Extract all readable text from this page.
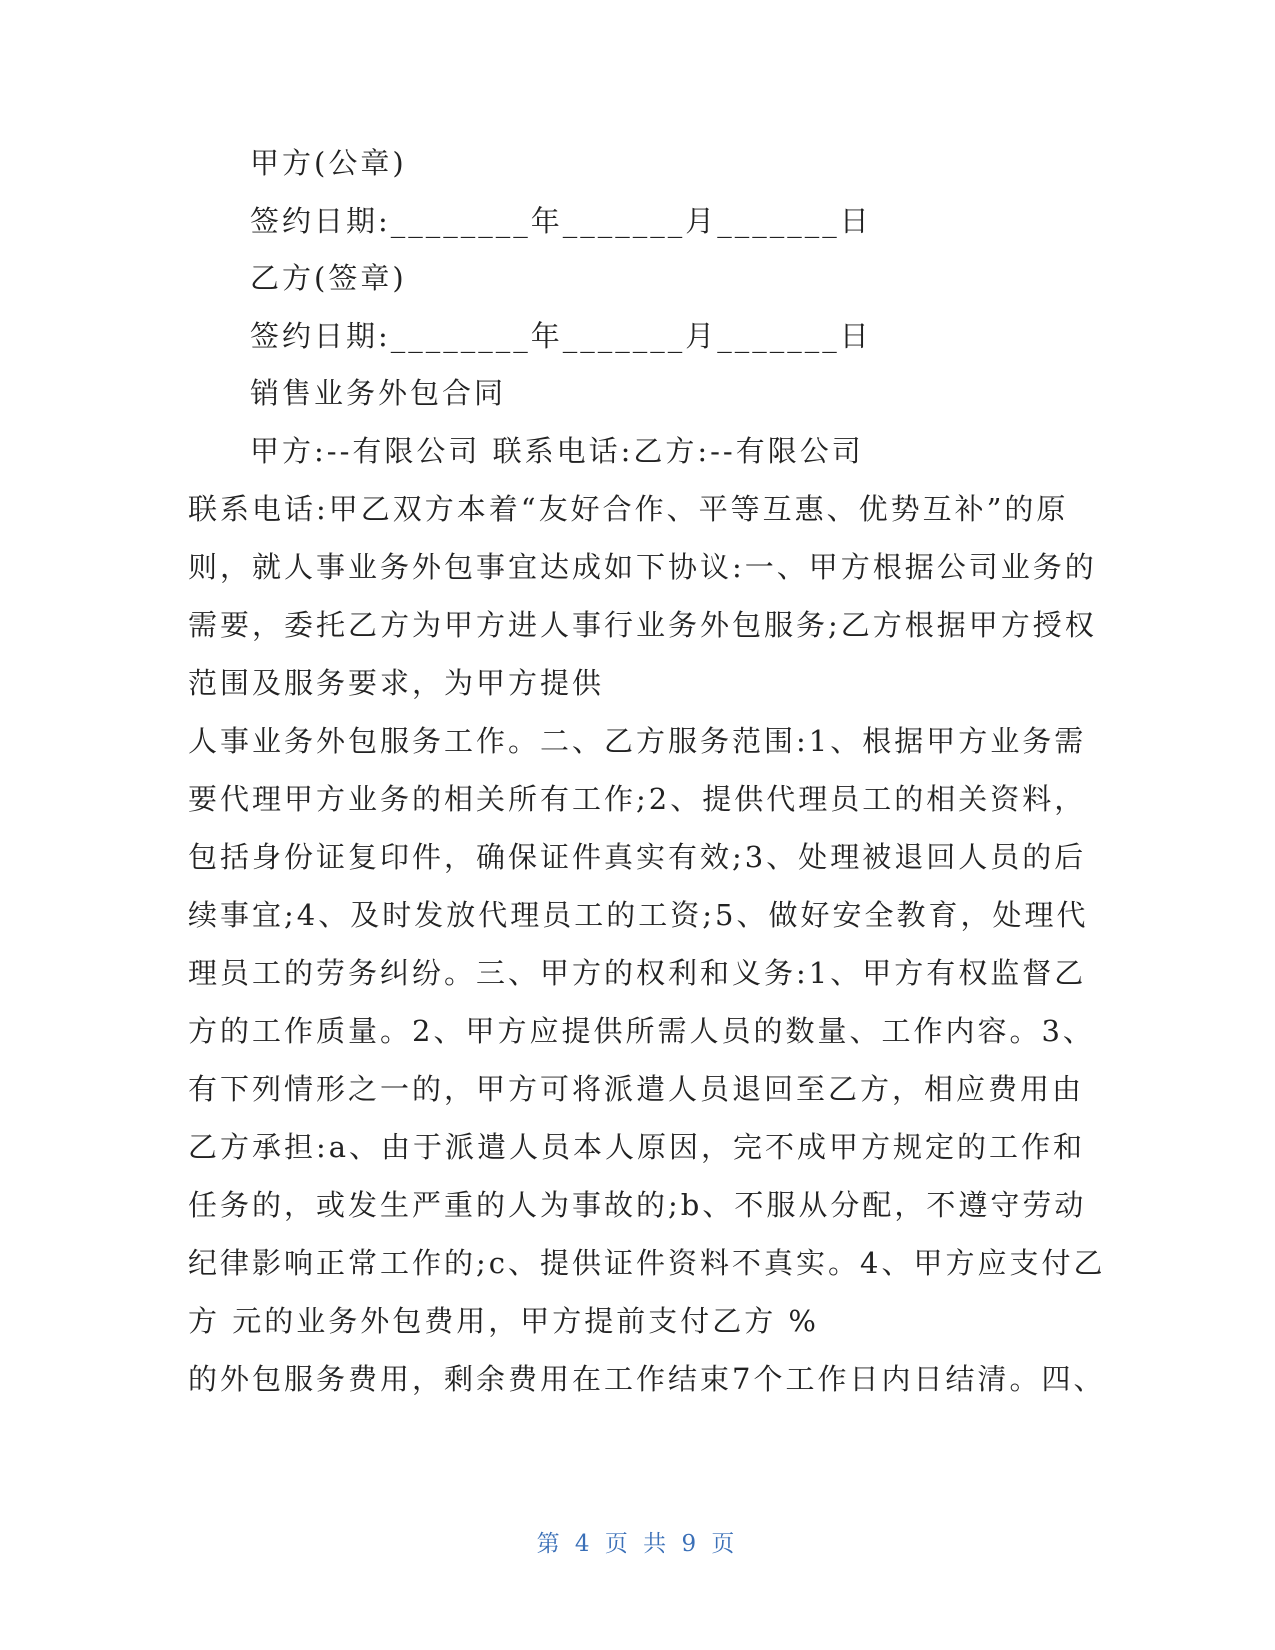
甲方(公章)
签约日期:________年_______月_______日
乙方(签章)
签约日期:________年_______月_______日
销售业务外包合同
甲方:--有限公司 联系电话:乙方:--有限公司
联系电话:甲乙双方本着“友好合作、平等互惠、优势互补”的原
则，就人事业务外包事宜达成如下协议:一、甲方根据公司业务的
需要，委托乙方为甲方进人事行业务外包服务;乙方根据甲方授权
范围及服务要求，为甲方提供
人事业务外包服务工作。二、乙方服务范围:1、根据甲方业务需
要代理甲方业务的相关所有工作;2、提供代理员工的相关资料，
包括身份证复印件，确保证件真实有效;3、处理被退回人员的后
续事宜;4、及时发放代理员工的工资;5、做好安全教育，处理代
理员工的劳务纠纷。三、甲方的权利和义务:1、甲方有权监督乙
方的工作质量。2、甲方应提供所需人员的数量、工作内容。3、
有下列情形之一的，甲方可将派遣人员退回至乙方，相应费用由
乙方承担:a、由于派遣人员本人原因，完不成甲方规定的工作和
任务的，或发生严重的人为事故的;b、不服从分配，不遵守劳动
纪律影响正常工作的;c、提供证件资料不真实。4、甲方应支付乙
方 元的业务外包费用，甲方提前支付乙方 %
的外包服务费用，剩余费用在工作结束7个工作日内日结清。四、
第 4 页 共 9 页
